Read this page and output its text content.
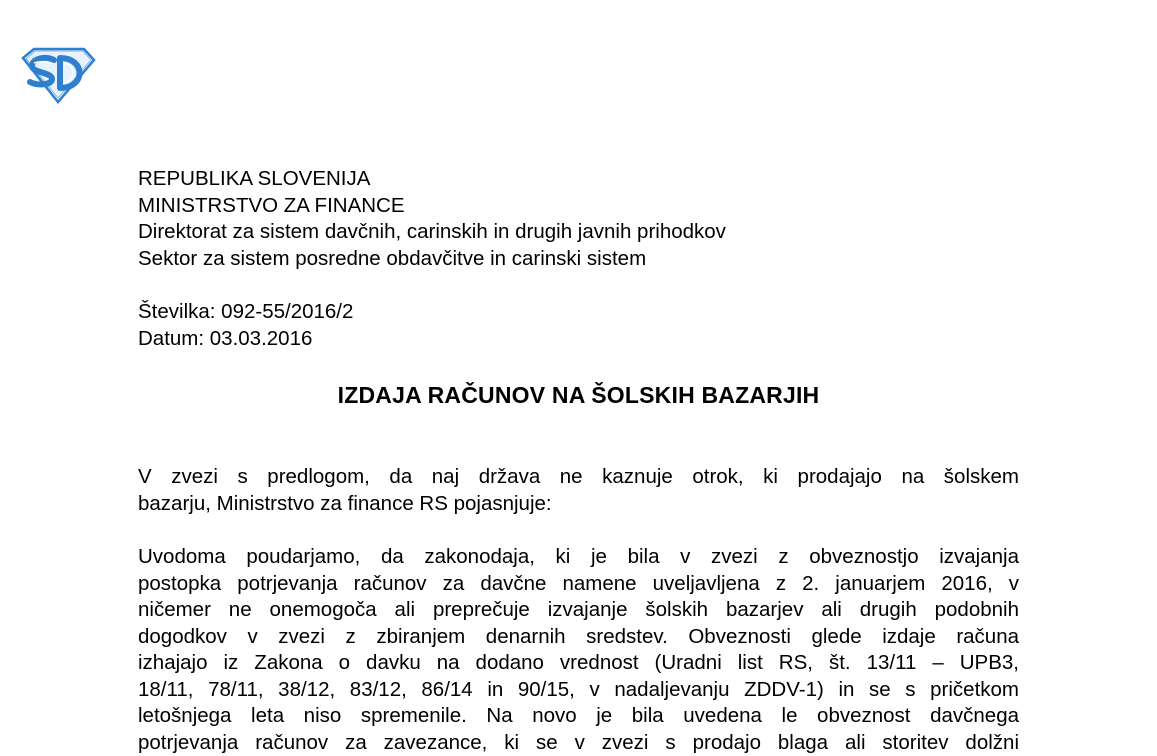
REPUBLIKA SLOVENIJA
MINISTRSTVO ZA FINANCE
Direktorat za sistem davčnih, carinskih in drugih javnih prihodkov
Sektor za sistem posredne obdavčitve in carinski sistem
Številka: 092-55/2016/2
Datum: 03.03.2016
IZDAJA RAČUNOV NA ŠOLSKIH BAZARJIH
V zvezi s predlogom, da naj država ne kaznuje otrok, ki prodajajo na šolskem
bazarju, Ministrstvo za finance RS pojasnjuje:
Uvodoma poudarjamo, da zakonodaja, ki je bila v zvezi z obveznostjo izvajanja
postopka potrjevanja računov za davčne namene uveljavljena z 2. januarjem 2016, v
ničemer ne onemogoča ali preprečuje izvajanje šolskih bazarjev ali drugih podobnih
dogodkov v zvezi z zbiranjem denarnih sredstev. Obveznosti glede izdaje računa
izhajajo iz Zakona o davku na dodano vrednost (Uradni list RS, št. 13/11 – UPB3,
18/11, 78/11, 38/12, 83/12, 86/14 in 90/15, v nadaljevanju ZDDV-1) in se s pričetkom
letošnjega leta niso spremenile. Na novo je bila uvedena le obveznost davčnega
potrjevanja računov za zavezance, ki se v zvezi s prodajo blaga ali storitev dolžni
